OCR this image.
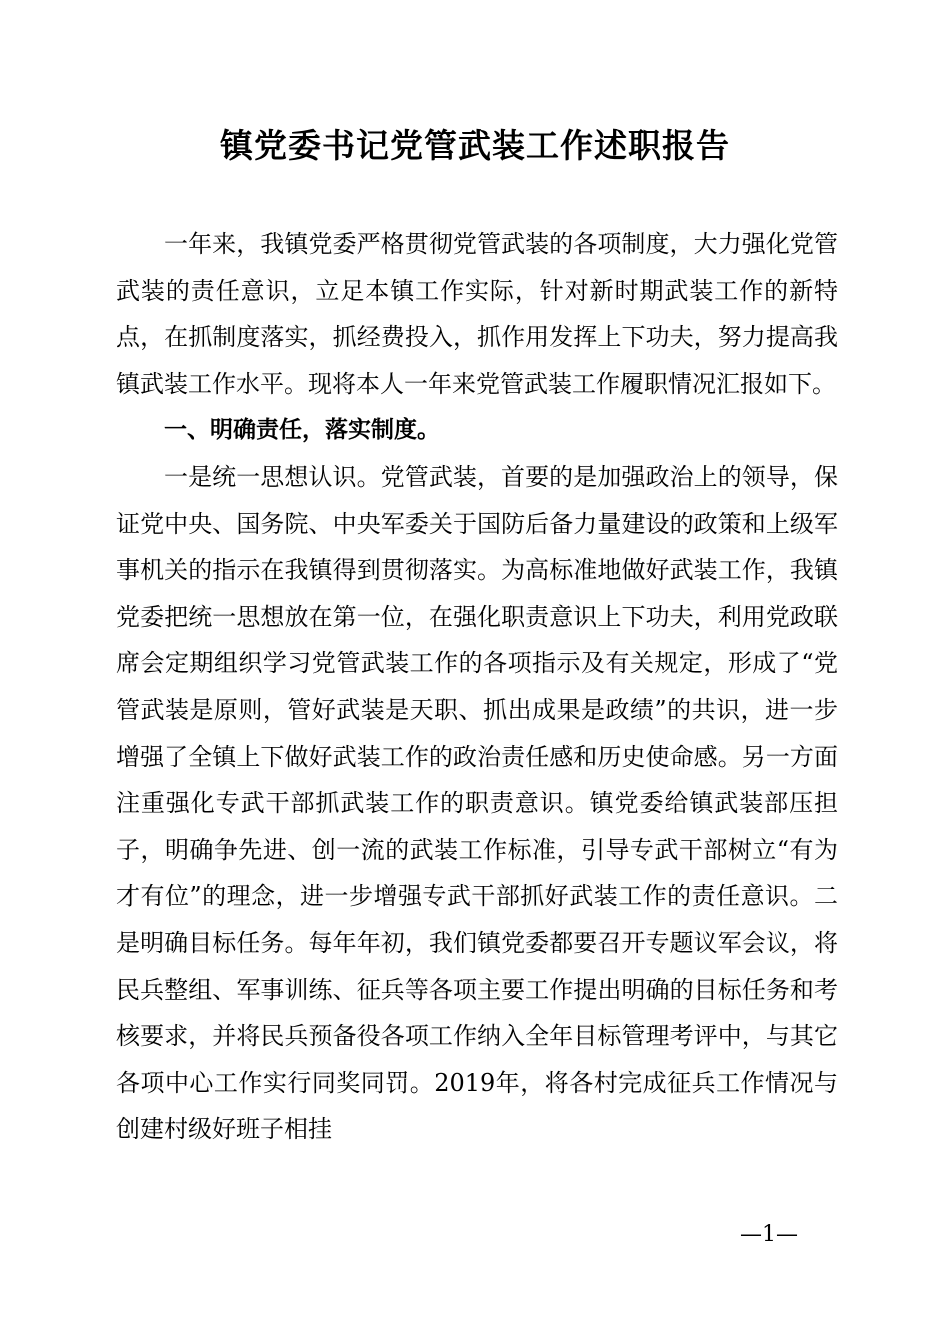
镇党委书记党管武装工作述职报告

一年来，我镇党委严格贯彻党管武装的各项制度，大力强化党管武装的责任意识，立足本镇工作实际，针对新时期武装工作的新特点，在抓制度落实，抓经费投入，抓作用发挥上下功夫，努力提高我镇武装工作水平。现将本人一年来党管武装工作履职情况汇报如下。

一、明确责任，落实制度。

一是统一思想认识。党管武装，首要的是加强政治上的领导，保证党中央、国务院、中央军委关于国防后备力量建设的政策和上级军事机关的指示在我镇得到贯彻落实。为高标准地做好武装工作，我镇党委把统一思想放在第一位，在强化职责意识上下功夫，利用党政联席会定期组织学习党管武装工作的各项指示及有关规定，形成了“党管武装是原则，管好武装是天职、抓出成果是政绩”的共识，进一步增强了全镇上下做好武装工作的政治责任感和历史使命感。另一方面注重强化专武干部抓武装工作的职责意识。镇党委给镇武装部压担子，明确争先进、创一流的武装工作标准，引导专武干部树立“有为才有位”的理念，进一步增强专武干部抓好武装工作的责任意识。二是明确目标任务。每年年初，我们镇党委都要召开专题议军会议，将民兵整组、军事训练、征兵等各项主要工作提出明确的目标任务和考核要求，并将民兵预备役各项工作纳入全年目标管理考评中，与其它各项中心工作实行同奖同罚。2019年，将各村完成征兵工作情况与创建村级好班子相挂

—1—
